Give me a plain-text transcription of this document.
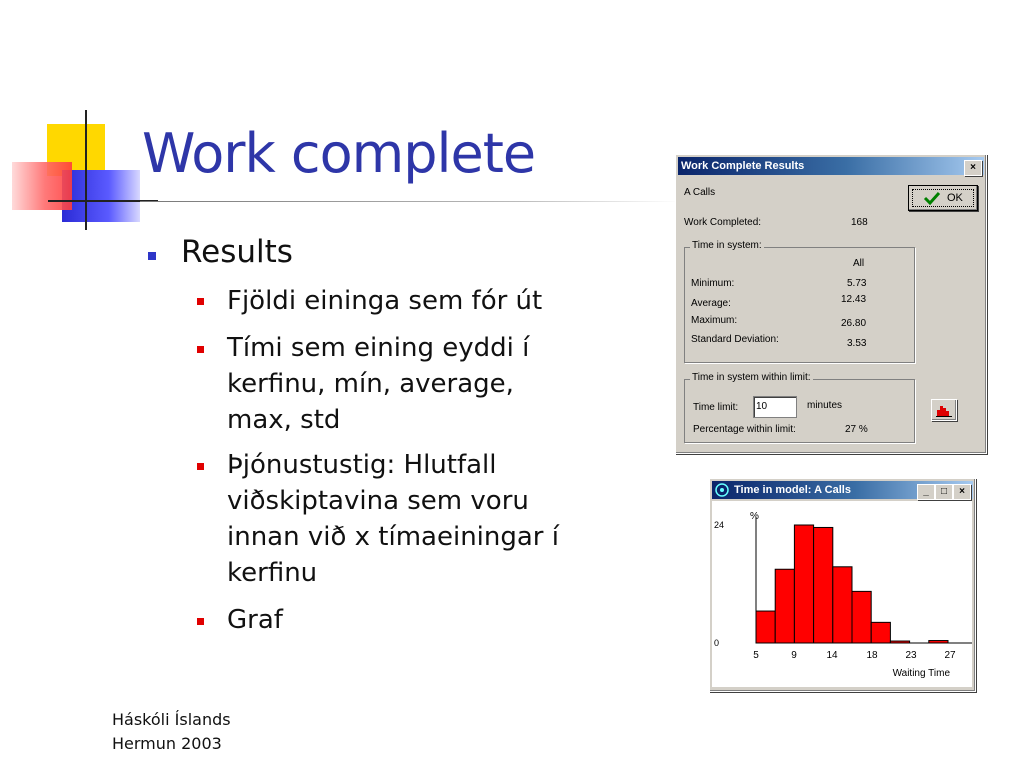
Work complete
Results
Fjöldi eininga sem fór út
Tími sem eining eyddi í
kerfinu, mín, average,
max, std
Þjónustustig: Hlutfall
viðskiptavina sem voru
innan við x tímaeiningar í
kerfinu
Graf
Háskóli Íslands
Hermun 2003
Work Complete Results	×
A Calls	OK
Work Completed:	168
Time in system:
All
Minimum:	5.73
Average:	12.43
Maximum:	26.80
Standard Deviation:	3.53
Time in system within limit:
Time limit:
10	minutes
Percentage within limit:	27 %
Time in model: A Calls	_	□	×
24
0
%
5	9	14	18	23	27
Waiting Time
